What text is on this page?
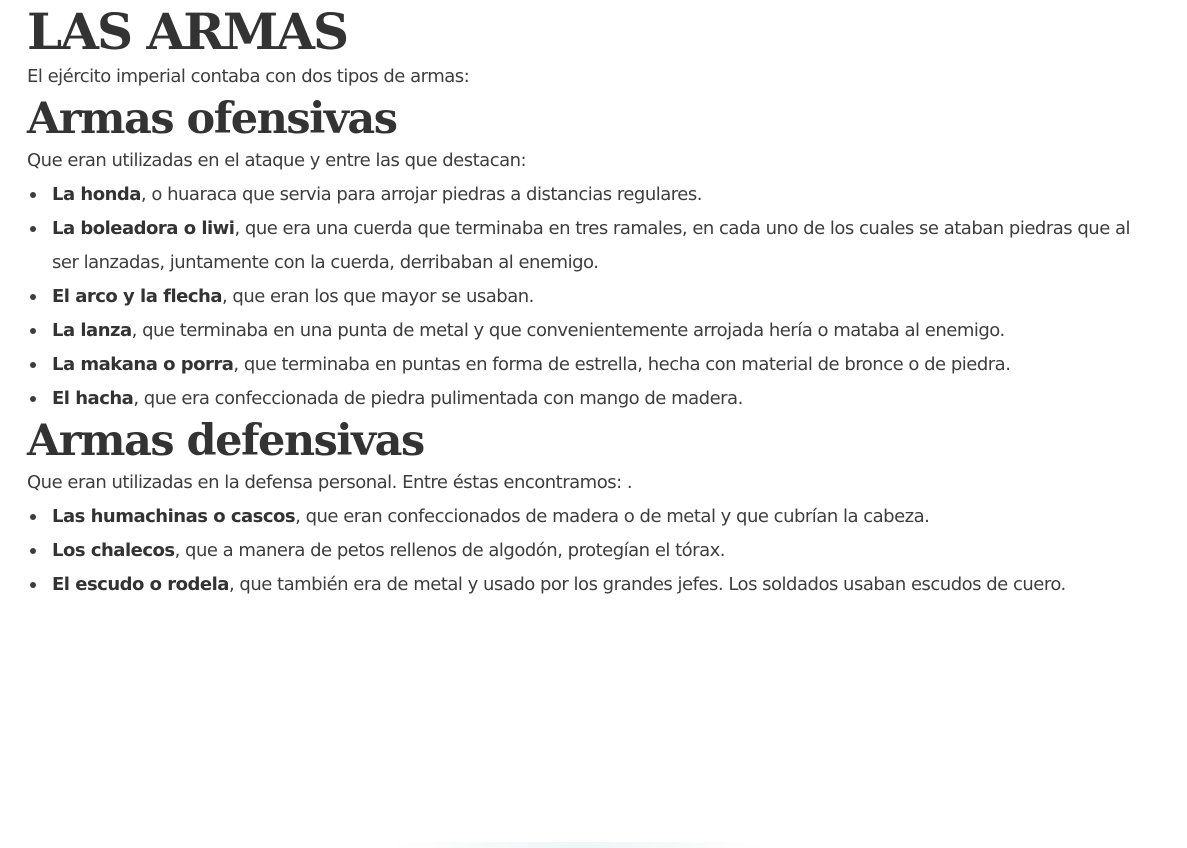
LAS ARMAS

El ejército imperial contaba con dos tipos de armas:

Armas ofensivas

Que eran utilizadas en el ataque y entre las que destacan:

La honda, o huaraca que servia para arrojar piedras a distancias regulares.
La boleadora o liwi, que era una cuerda que terminaba en tres ramales, en cada uno de los cuales se ataban piedras que al ser lanzadas, juntamente con la cuerda, derribaban al enemigo.
El arco y la flecha, que eran los que mayor se usaban.
La lanza, que terminaba en una punta de metal y que convenientemente arrojada hería o mataba al enemigo.
La makana o porra, que terminaba en puntas en forma de estrella, hecha con material de bronce o de piedra.
El hacha, que era confeccionada de piedra pulimentada con mango de madera.
Armas defensivas

Que eran utilizadas en la defensa personal. Entre éstas encontramos: .

Las humachinas o cascos, que eran confeccionados de madera o de metal y que cubrían la cabeza.
Los chalecos, que a manera de petos rellenos de algodón, protegían el tórax.
El escudo o rodela, que también era de metal y usado por los grandes jefes. Los soldados usaban escudos de cuero.
